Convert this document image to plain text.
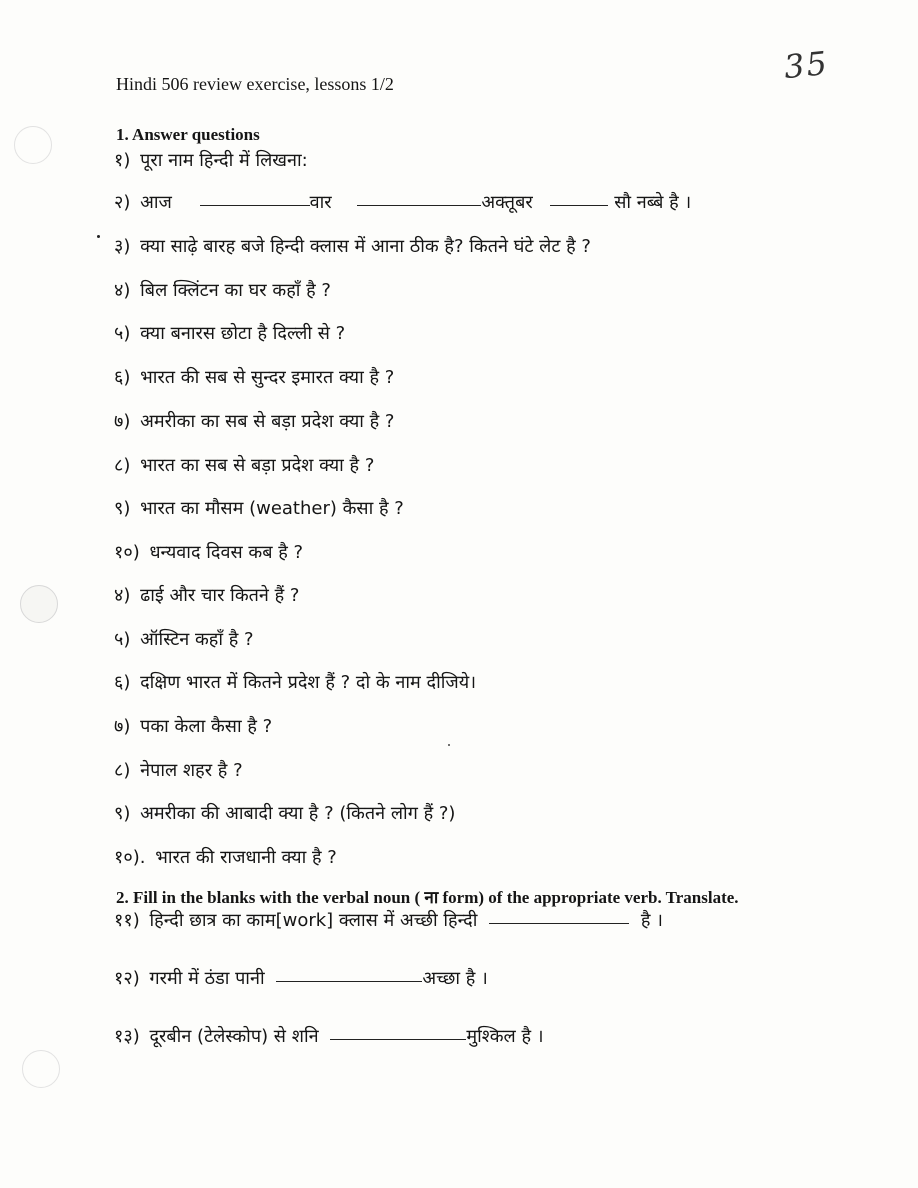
35
Hindi 506 review exercise, lessons 1/2
1. Answer questions
१) पूरा नाम हिन्दी में लिखना:
२) आज	वार	अक्तूबर	सौ नब्बे है ।
३) क्या साढ़े बारह बजे हिन्दी क्लास में आना ठीक है? कितने घंटे लेट है ?
४) बिल क्लिंटन का घर कहाँ है ?
५) क्या बनारस छोटा है दिल्ली से ?
६) भारत की सब से सुन्दर इमारत क्या है ?
७) अमरीका का सब से बड़ा प्रदेश क्या है ?
८) भारत का सब से बड़ा प्रदेश क्या है ?
९) भारत का मौसम (weather) कैसा है ?
१०) धन्यवाद दिवस कब है ?
४) ढाई और चार कितने हैं ?
५) ऑस्टिन कहाँ है ?
६) दक्षिण भारत में कितने प्रदेश हैं ? दो के नाम दीजिये।
७) पका केला कैसा है ?
८) नेपाल शहर है ?
९) अमरीका की आबादी क्या है ? (कितने लोग हैं ?)
१०). भारत की राजधानी क्या है ?
2. Fill in the blanks with the verbal noun ( ना form) of the appropriate verb. Translate.
११) हिन्दी छात्र का काम[work] क्लास में अच्छी हिन्दी	है ।
१२) गरमी में ठंडा पानी	अच्छा है ।
१३) दूरबीन (टेलेस्कोप) से शनि	मुश्किल है ।
